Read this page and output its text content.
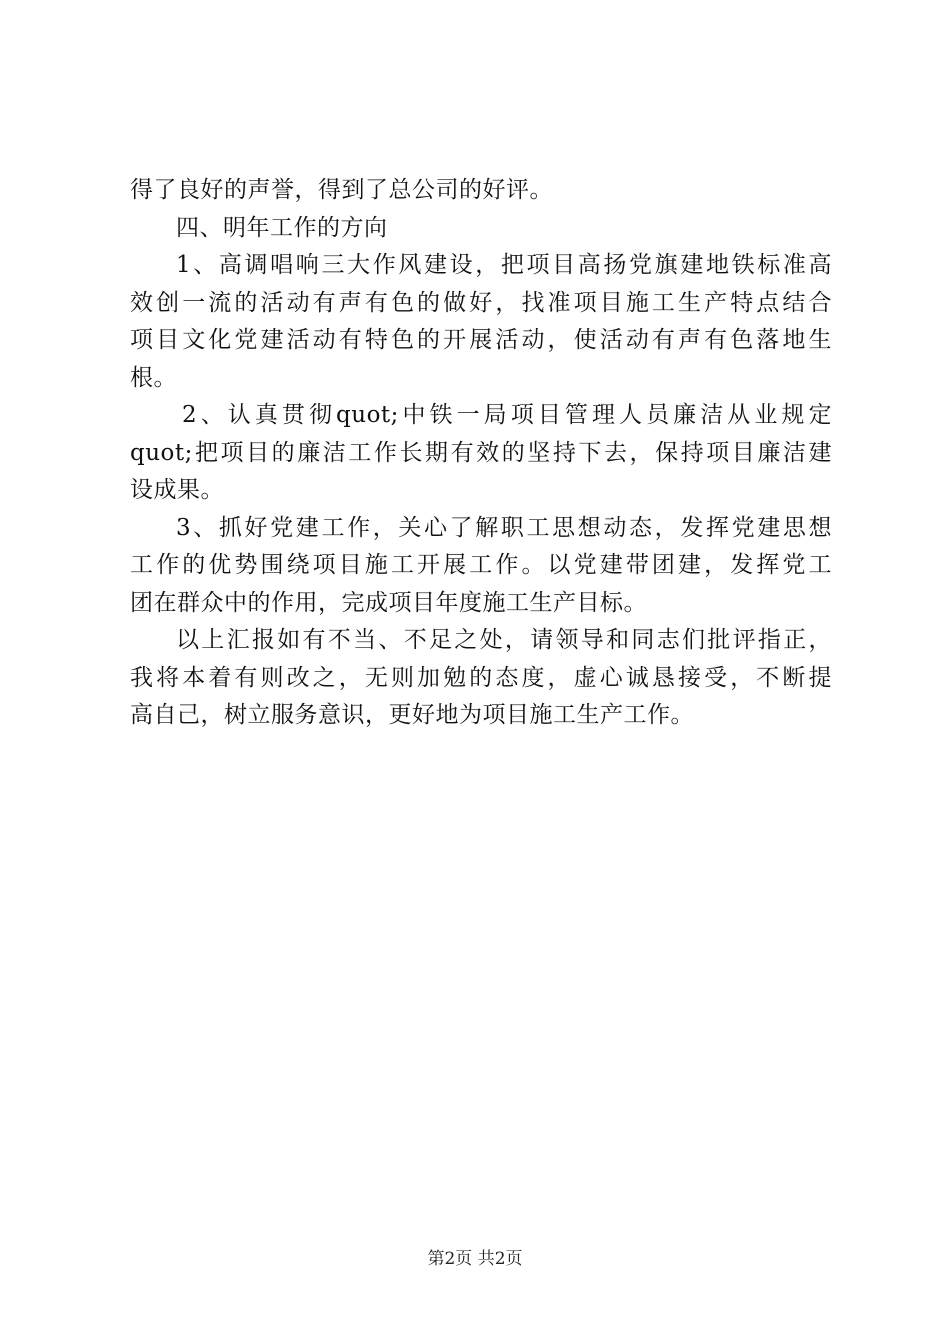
得了良好的声誉，得到了总公司的好评。
四、明年工作的方向
1、高调唱响三大作风建设，把项目高扬党旗建地铁标准高
效创一流的活动有声有色的做好，找准项目施工生产特点结合
项目文化党建活动有特色的开展活动，使活动有声有色落地生
根。
2、认真贯彻quot;中铁一局项目管理人员廉洁从业规定
quot;把项目的廉洁工作长期有效的坚持下去，保持项目廉洁建
设成果。
3、抓好党建工作，关心了解职工思想动态，发挥党建思想
工作的优势围绕项目施工开展工作。以党建带团建，发挥党工
团在群众中的作用，完成项目年度施工生产目标。
以上汇报如有不当、不足之处，请领导和同志们批评指正，
我将本着有则改之，无则加勉的态度，虚心诚恳接受，不断提
高自己，树立服务意识，更好地为项目施工生产工作。
第2页 共2页
